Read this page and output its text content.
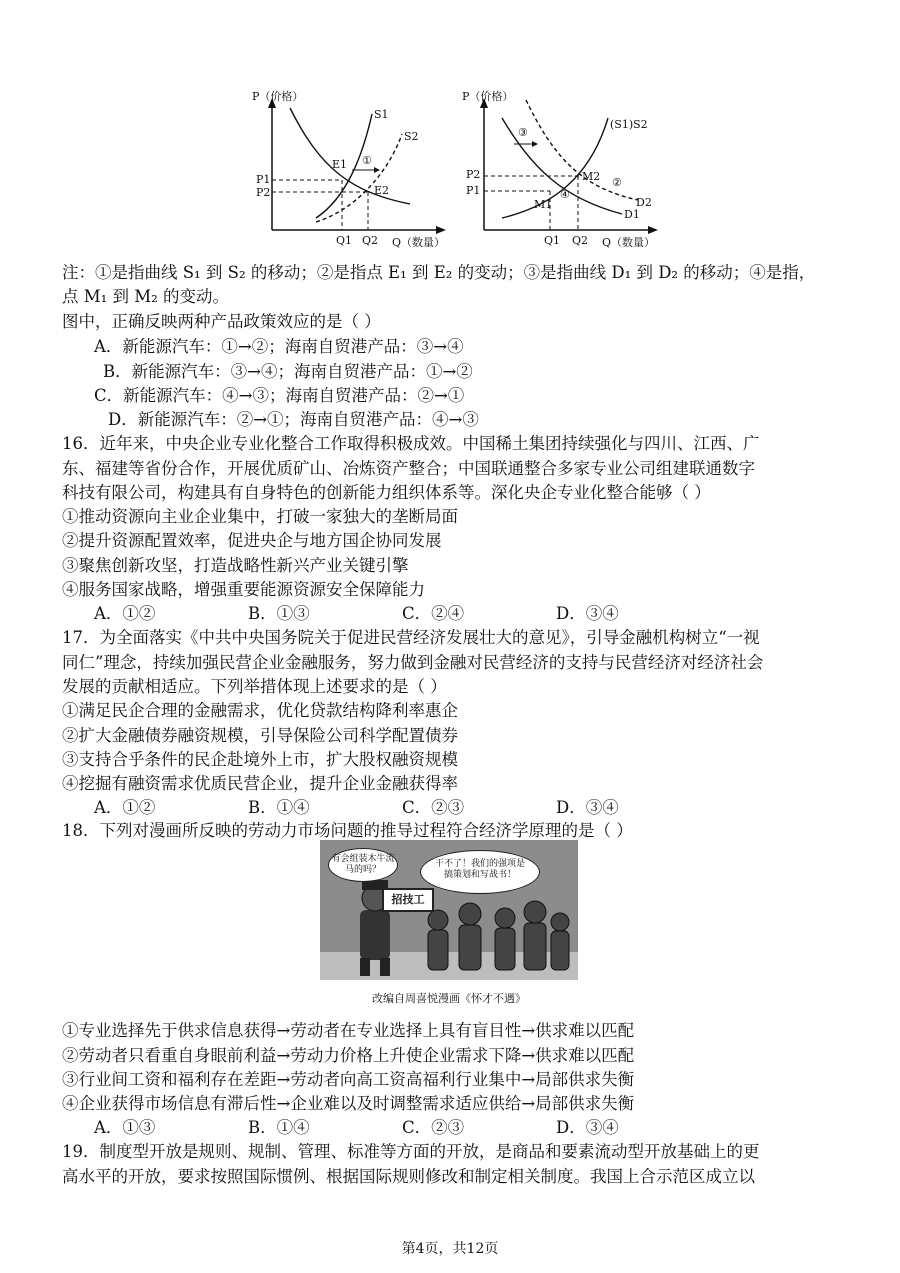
P（价格）
Q（数量）
S1
S2
P1
P2
Q1 Q2
E1
E2
①
P（价格）
Q（数量）
(S1)S2
D1
D2
P2
P1
Q1 Q2
M1
M2
③
④
②
注：①是指曲线 S₁ 到 S₂ 的移动；②是指点 E₁ 到 E₂ 的变动；③是指曲线 D₁ 到 D₂ 的移动；④是指，
点 M₁ 到 M₂ 的变动。
图中，正确反映两种产品政策效应的是（ ）
A．新能源汽车：①→②；海南自贸港产品：③→④
B．新能源汽车：③→④；海南自贸港产品：①→②
C．新能源汽车：④→③；海南自贸港产品：②→①
D．新能源汽车：②→①；海南自贸港产品：④→③
16．近年来，中央企业专业化整合工作取得积极成效。中国稀土集团持续强化与四川、江西、广
东、福建等省份合作，开展优质矿山、冶炼资产整合；中国联通整合多家专业公司组建联通数字
科技有限公司，构建具有自身特色的创新能力组织体系等。深化央企专业化整合能够（ ）
①推动资源向主业企业集中，打破一家独大的垄断局面
②提升资源配置效率，促进央企与地方国企协同发展
③聚焦创新攻坚，打造战略性新兴产业关键引擎
④服务国家战略，增强重要能源资源安全保障能力
A．①②	B．①③	C．②④	D．③④
17．为全面落实《中共中央国务院关于促进民营经济发展壮大的意见》，引导金融机构树立“一视
同仁”理念，持续加强民营企业金融服务，努力做到金融对民营经济的支持与民营经济对经济社会
发展的贡献相适应。下列举措体现上述要求的是（ ）
①满足民企合理的金融需求，优化贷款结构降利率惠企
②扩大金融债券融资规模，引导保险公司科学配置债券
③支持合乎条件的民企赴境外上市，扩大股权融资规模
④挖掘有融资需求优质民营企业，提升企业金融获得率
A．①②	B．①④	C．②③	D．③④
18．下列对漫画所反映的劳动力市场问题的推导过程符合经济学原理的是（ ）
有会组装木牛流马的吗？
招技工
干不了！我们的强项是搞策划和写战书！
改编自周喜悦漫画《怀才不遇》
①专业选择先于供求信息获得→劳动者在专业选择上具有盲目性→供求难以匹配
②劳动者只看重自身眼前利益→劳动力价格上升使企业需求下降→供求难以匹配
③行业间工资和福利存在差距→劳动者向高工资高福利行业集中→局部供求失衡
④企业获得市场信息有滞后性→企业难以及时调整需求适应供给→局部供求失衡
A．①③	B．①④	C．②③	D．③④
19．制度型开放是规则、规制、管理、标准等方面的开放，是商品和要素流动型开放基础上的更
高水平的开放，要求按照国际惯例、根据国际规则修改和制定相关制度。我国上合示范区成立以
第4页，共12页
